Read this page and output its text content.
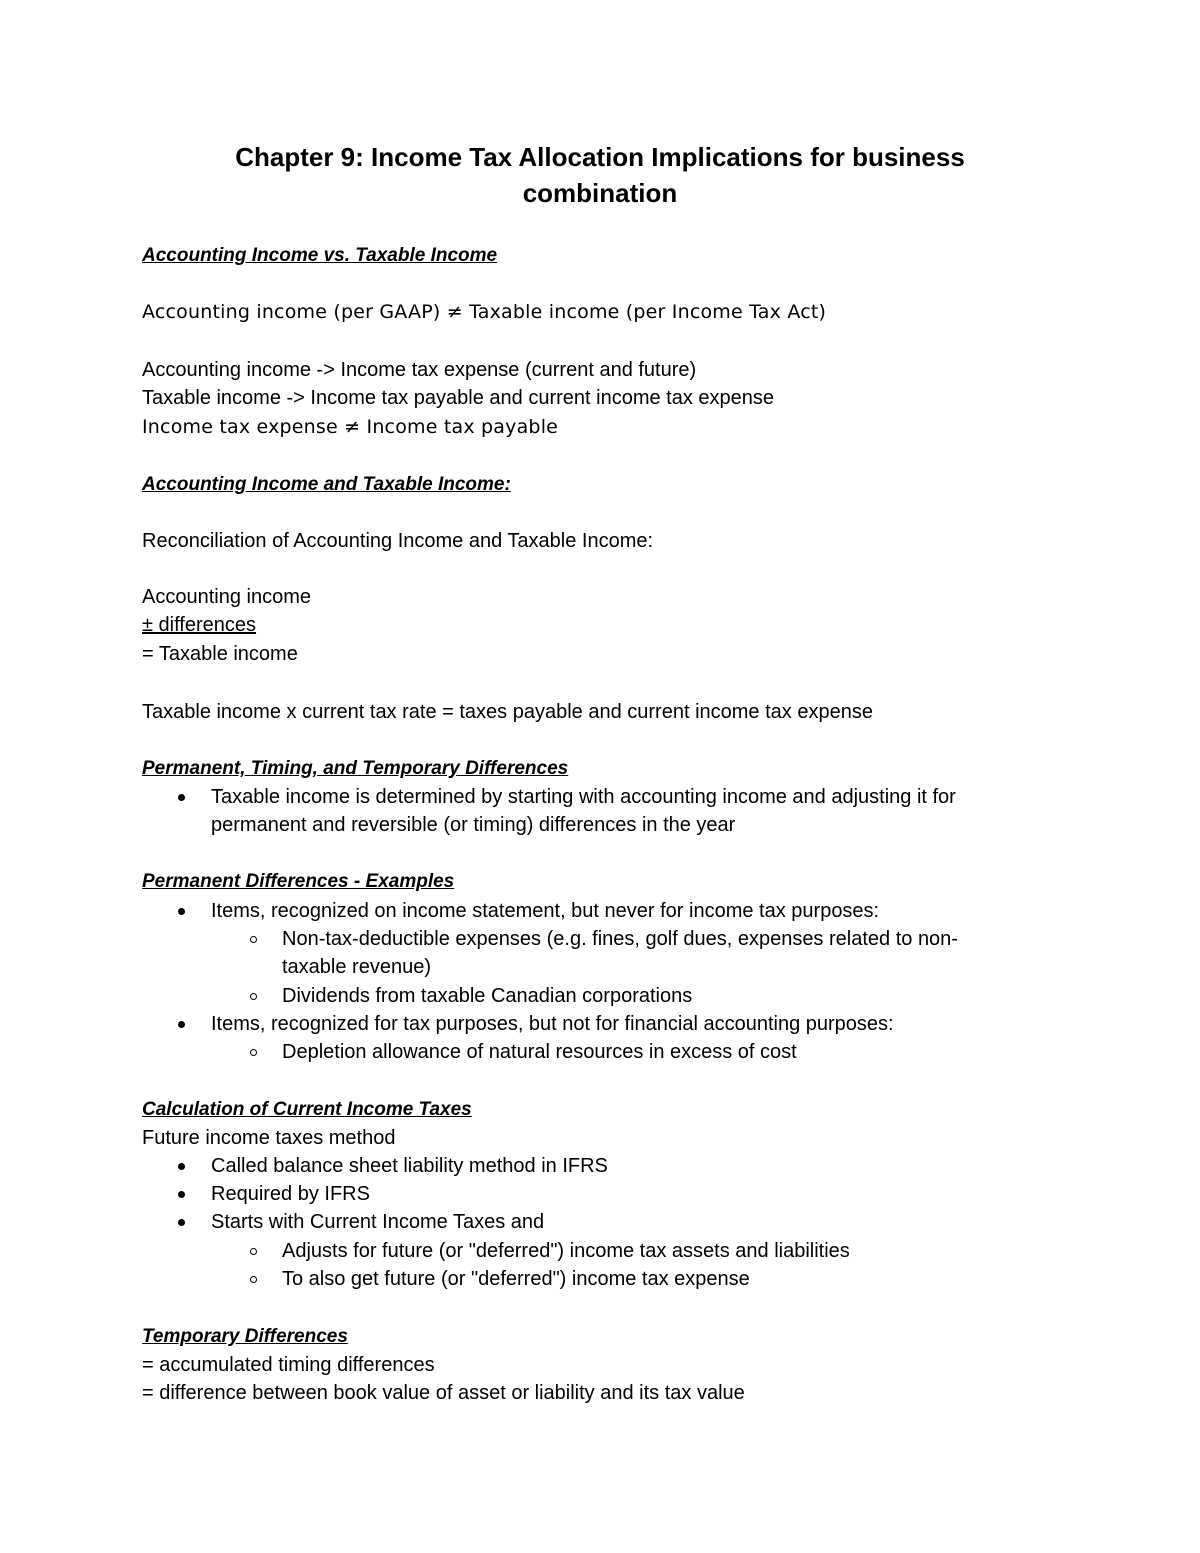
Chapter 9: Income Tax Allocation Implications for business
combination
Accounting Income vs. Taxable Income
Accounting income (per GAAP) ≠ Taxable income (per Income Tax Act)
Accounting income -> Income tax expense (current and future)
Taxable income -> Income tax payable and current income tax expense
Income tax expense ≠ Income tax payable
Accounting Income and Taxable Income:
Reconciliation of Accounting Income and Taxable Income:
Accounting income
± differences
= Taxable income
Taxable income x current tax rate = taxes payable and current income tax expense
Permanent, Timing, and Temporary Differences
Taxable income is determined by starting with accounting income and adjusting it for
permanent and reversible (or timing) differences in the year
Permanent Differences - Examples
Items, recognized on income statement, but never for income tax purposes:
Non-tax-deductible expenses (e.g. fines, golf dues, expenses related to non-
taxable revenue)
Dividends from taxable Canadian corporations
Items, recognized for tax purposes, but not for financial accounting purposes:
Depletion allowance of natural resources in excess of cost
Calculation of Current Income Taxes
Future income taxes method
Called balance sheet liability method in IFRS
Required by IFRS
Starts with Current Income Taxes and
Adjusts for future (or "deferred") income tax assets and liabilities
To also get future (or "deferred") income tax expense
Temporary Differences
= accumulated timing differences
= difference between book value of asset or liability and its tax value
